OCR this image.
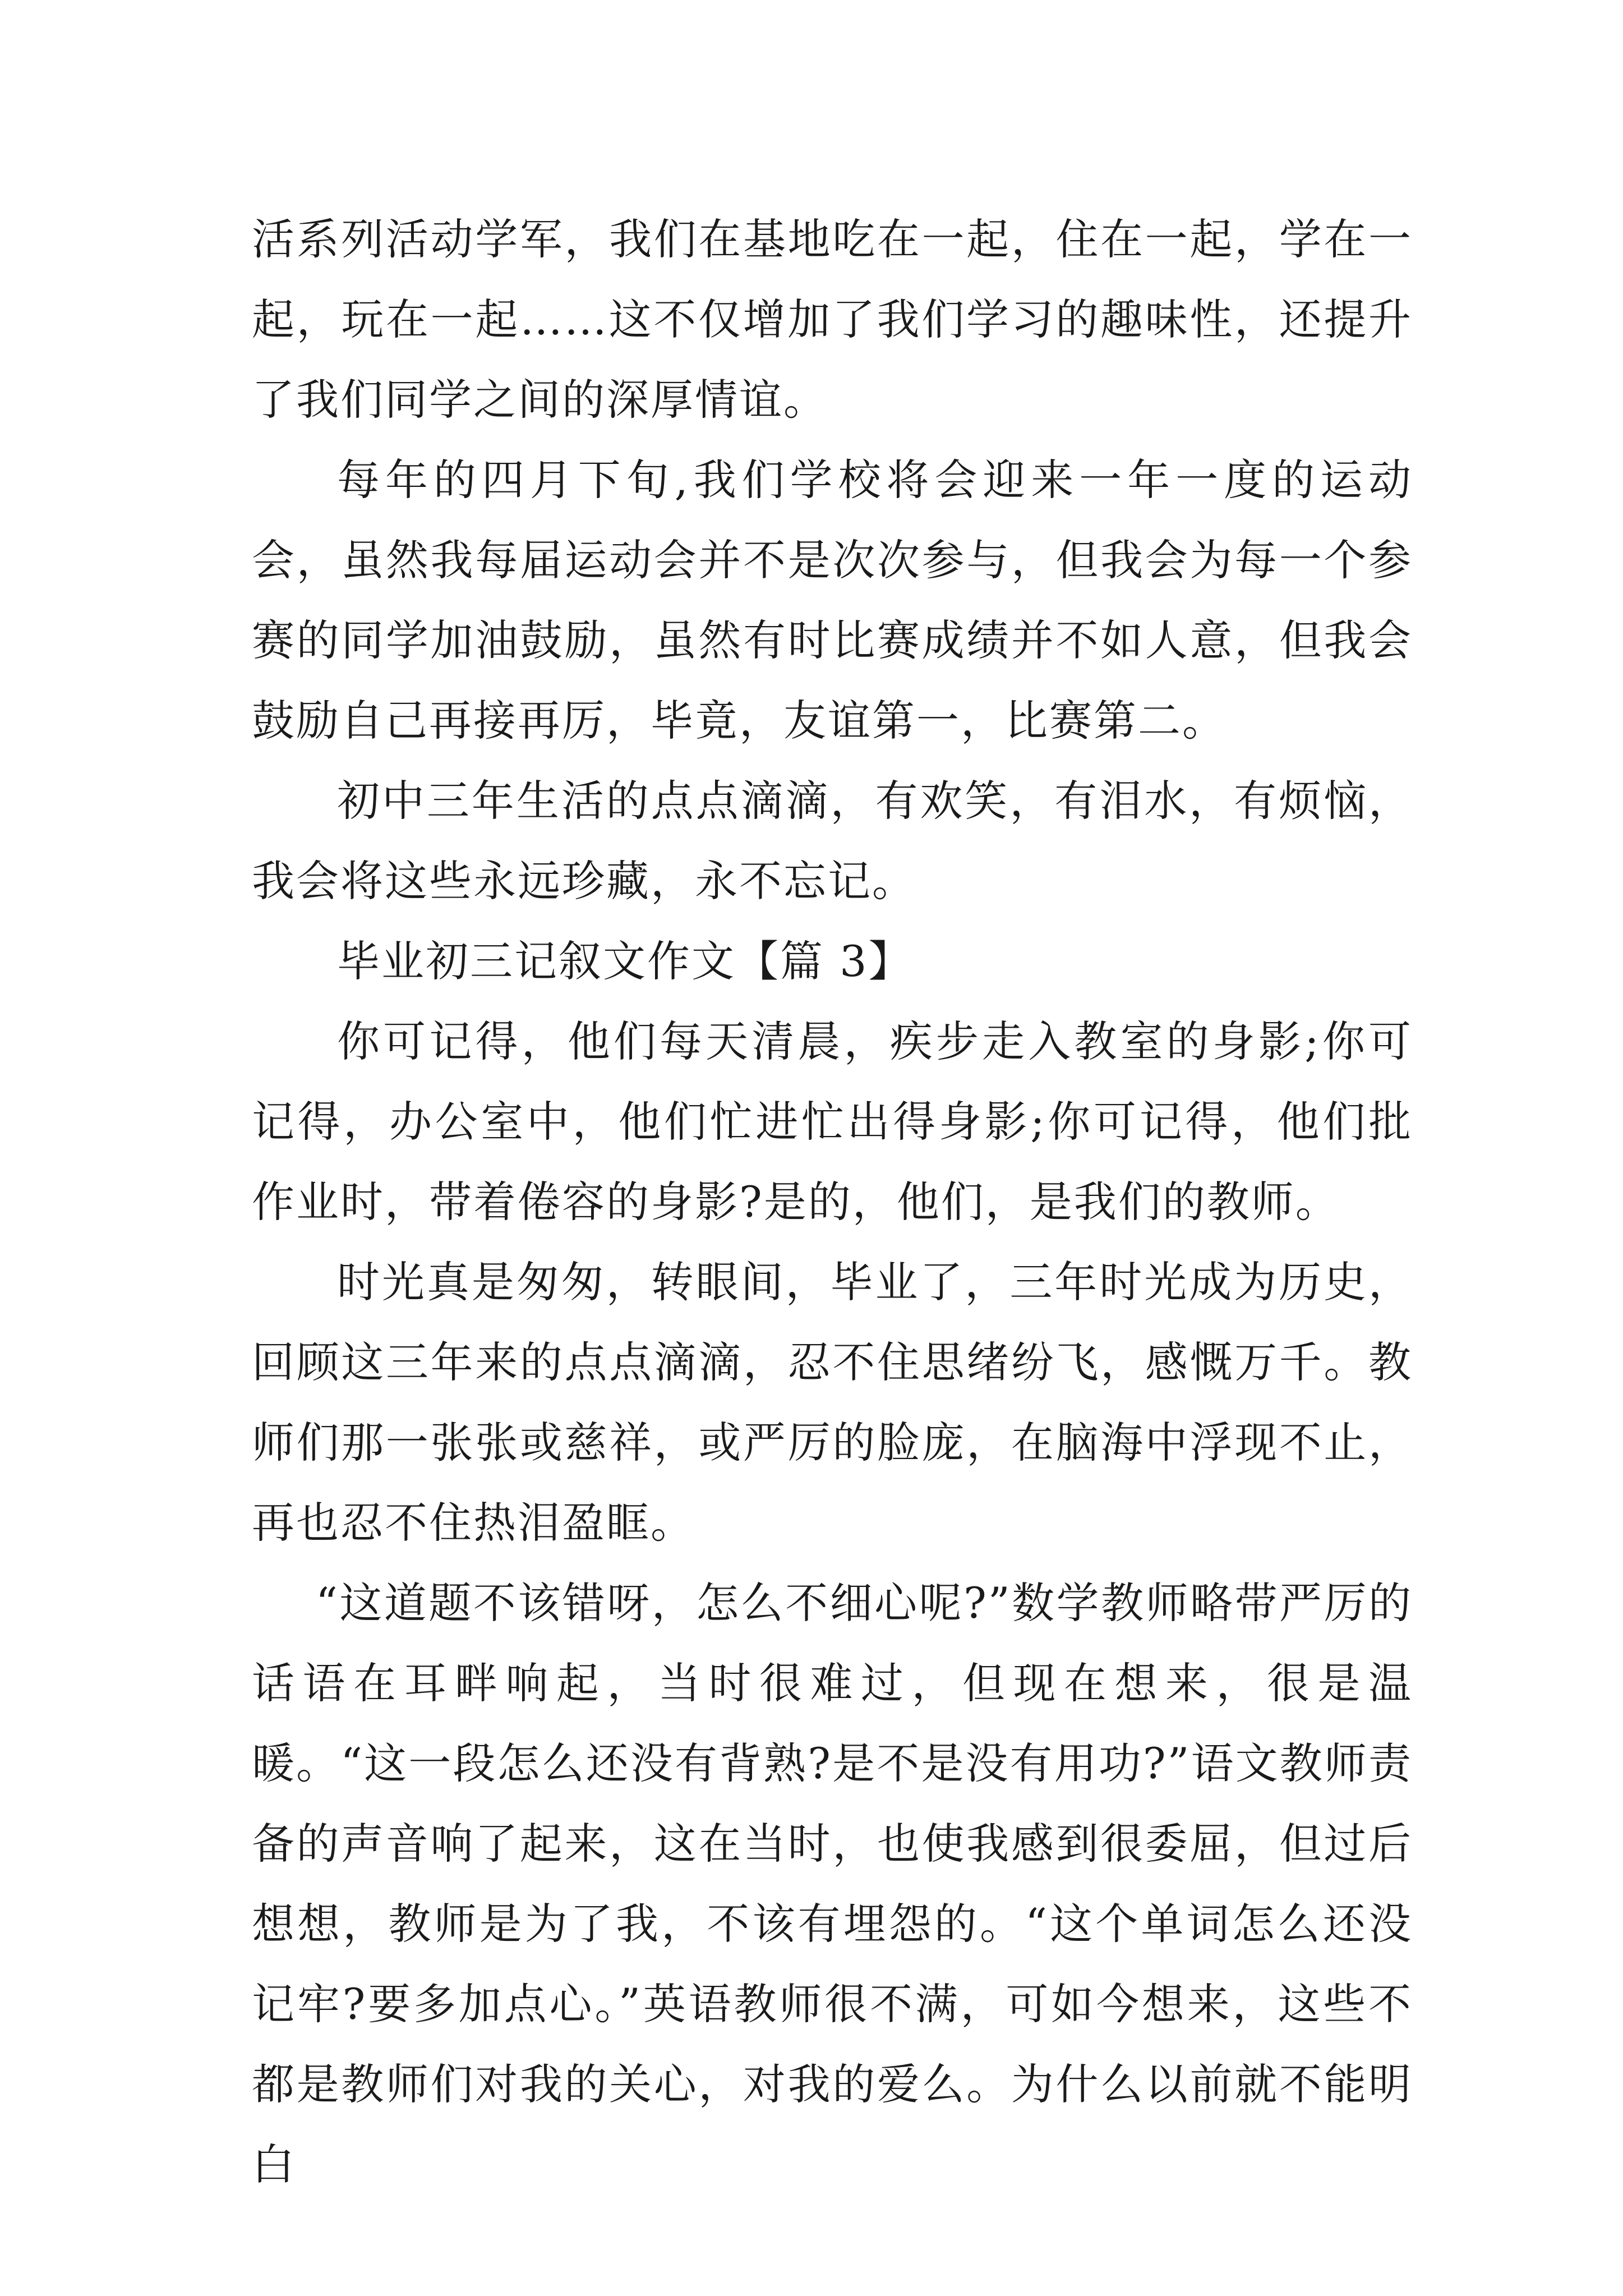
活系列活动学军，我们在基地吃在一起，住在一起，学在一起，玩在一起……这不仅增加了我们学习的趣味性，还提升了我们同学之间的深厚情谊。

每年的四月下旬,我们学校将会迎来一年一度的运动会，虽然我每届运动会并不是次次参与，但我会为每一个参赛的同学加油鼓励，虽然有时比赛成绩并不如人意，但我会鼓励自己再接再厉，毕竟，友谊第一，比赛第二。

初中三年生活的点点滴滴，有欢笑，有泪水，有烦恼，我会将这些永远珍藏，永不忘记。

毕业初三记叙文作文【篇 3】

你可记得，他们每天清晨，疾步走入教室的身影;你可记得，办公室中，他们忙进忙出得身影;你可记得，他们批作业时，带着倦容的身影?是的，他们，是我们的教师。

时光真是匆匆，转眼间，毕业了，三年时光成为历史，回顾这三年来的点点滴滴，忍不住思绪纷飞，感慨万千。教师们那一张张或慈祥，或严厉的脸庞，在脑海中浮现不止，再也忍不住热泪盈眶。

“这道题不该错呀，怎么不细心呢?”数学教师略带严厉的话语在耳畔响起，当时很难过，但现在想来，很是温暖。“这一段怎么还没有背熟?是不是没有用功?”语文教师责备的声音响了起来，这在当时，也使我感到很委屈，但过后想想，教师是为了我，不该有埋怨的。“这个单词怎么还没记牢?要多加点心。”英语教师很不满，可如今想来，这些不都是教师们对我的关心，对我的爱么。为什么以前就不能明白
